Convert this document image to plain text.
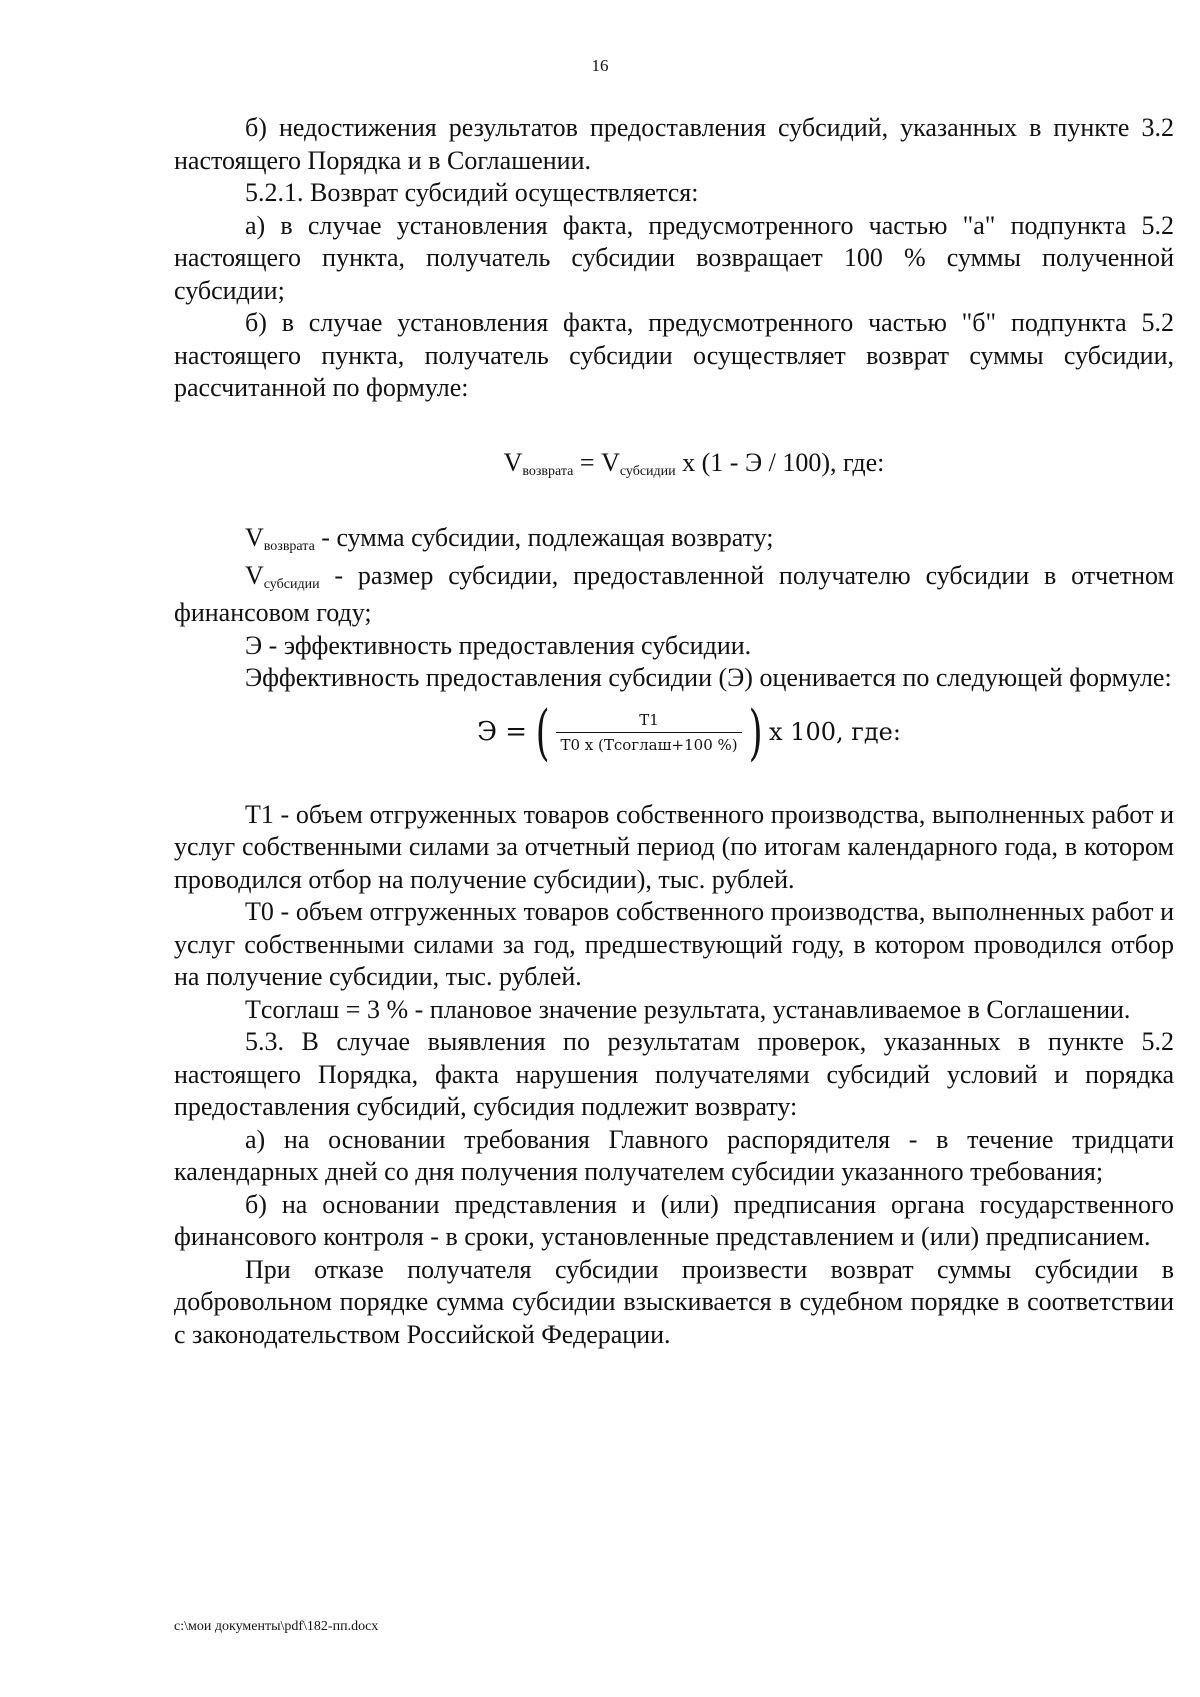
16

б) недостижения результатов предоставления субсидий, указанных в пункте 3.2 настоящего Порядка и в Соглашении.

5.2.1. Возврат субсидий осуществляется:

а) в случае установления факта, предусмотренного частью "а" подпункта 5.2 настоящего пункта, получатель субсидии возвращает 100 % суммы полученной субсидии;

б) в случае установления факта, предусмотренного частью "б" подпункта 5.2 настоящего пункта, получатель субсидии осуществляет возврат суммы субсидии, рассчитанной по формуле:

Vвозврата = Vсубсидии x (1 - Э / 100), где:

Vвозврата - сумма субсидии, подлежащая возврату;

Vсубсидии - размер субсидии, предоставленной получателю субсидии в отчетном финансовом году;

Э - эффективность предоставления субсидии.

Эффективность предоставления субсидии (Э) оценивается по следующей формуле:

Э = ( $\frac{T1}{\text{T0 x (Tсоглаш+100 \%)}}$ ) x 100, где:

T1 - объем отгруженных товаров собственного производства, выполненных работ и услуг собственными силами за отчетный период (по итогам календарного года, в котором проводился отбор на получение субсидии), тыс. рублей.

T0 - объем отгруженных товаров собственного производства, выполненных работ и услуг собственными силами за год, предшествующий году, в котором проводился отбор на получение субсидии, тыс. рублей.

Tсоглаш = 3 % - плановое значение результата, устанавливаемое в Соглашении.

5.3. В случае выявления по результатам проверок, указанных в пункте 5.2 настоящего Порядка, факта нарушения получателями субсидий условий и порядка предоставления субсидий, субсидия подлежит возврату:

а) на основании требования Главного распорядителя - в течение тридцати календарных дней со дня получения получателем субсидии указанного требования;

б) на основании представления и (или) предписания органа государственного финансового контроля - в сроки, установленные представлением и (или) предписанием.

При отказе получателя субсидии произвести возврат суммы субсидии в добровольном порядке сумма субсидии взыскивается в судебном порядке в соответствии с законодательством Российской Федерации.

c:\мои документы\pdf\182-пп.docx
